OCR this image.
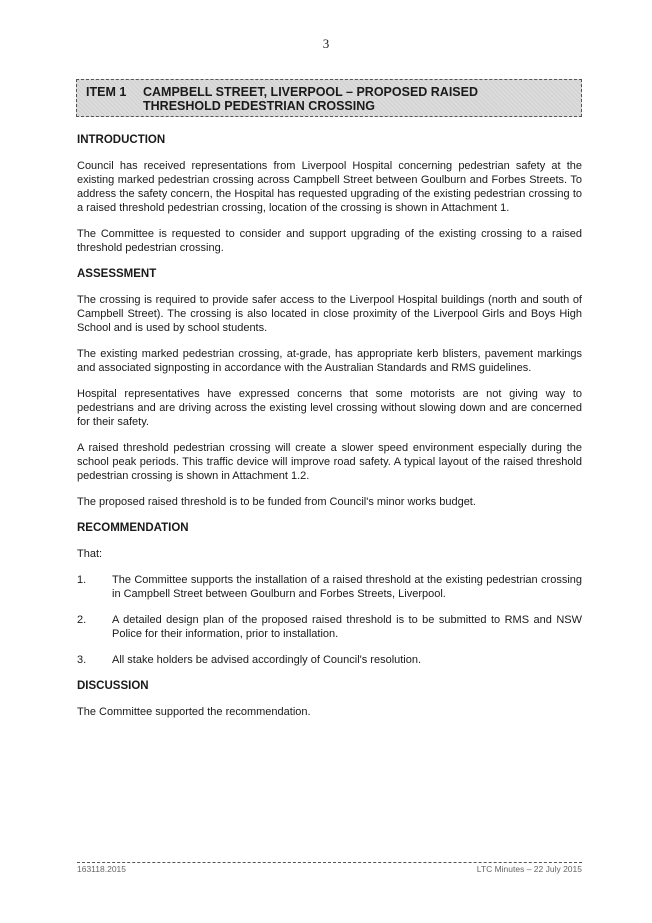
3
ITEM 1 CAMPBELL STREET, LIVERPOOL – PROPOSED RAISED
THRESHOLD PEDESTRIAN CROSSING
INTRODUCTION

Council has received representations from Liverpool Hospital concerning pedestrian safety at the existing marked pedestrian crossing across Campbell Street between Goulburn and Forbes Streets. To address the safety concern, the Hospital has requested upgrading of the existing pedestrian crossing to a raised threshold pedestrian crossing, location of the crossing is shown in Attachment 1.

The Committee is requested to consider and support upgrading of the existing crossing to a raised threshold pedestrian crossing.

ASSESSMENT

The crossing is required to provide safer access to the Liverpool Hospital buildings (north and south of Campbell Street). The crossing is also located in close proximity of the Liverpool Girls and Boys High School and is used by school students.

The existing marked pedestrian crossing, at-grade, has appropriate kerb blisters, pavement markings and associated signposting in accordance with the Australian Standards and RMS guidelines.

Hospital representatives have expressed concerns that some motorists are not giving way to pedestrians and are driving across the existing level crossing without slowing down and are concerned for their safety.

A raised threshold pedestrian crossing will create a slower speed environment especially during the school peak periods. This traffic device will improve road safety. A typical layout of the raised threshold pedestrian crossing is shown in Attachment 1.2.

The proposed raised threshold is to be funded from Council's minor works budget.

RECOMMENDATION

That:

1.	The Committee supports the installation of a raised threshold at the existing pedestrian crossing in Campbell Street between Goulburn and Forbes Streets, Liverpool.
2.	A detailed design plan of the proposed raised threshold is to be submitted to RMS and NSW Police for their information, prior to installation.
3.	All stake holders be advised accordingly of Council's resolution.
DISCUSSION

The Committee supported the recommendation.

163118.2015	LTC Minutes – 22 July 2015
